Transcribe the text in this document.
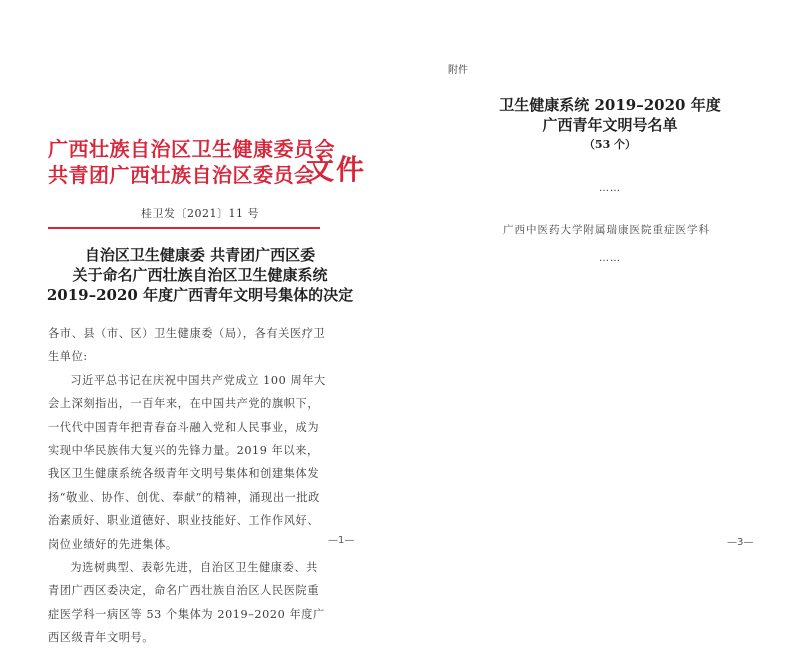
广西壮族自治区卫生健康委员会
共青团广西壮族自治区委员会
文件
桂卫发〔2021〕11 号
自治区卫生健康委 共青团广西区委
关于命名广西壮族自治区卫生健康系统
2019–2020 年度广西青年文明号集体的决定

各市、县（市、区）卫生健康委（局），各有关医疗卫生单位:

习近平总书记在庆祝中国共产党成立 100 周年大会上深刻指出，一百年来，在中国共产党的旗帜下，一代代中国青年把青春奋斗融入党和人民事业，成为实现中华民族伟大复兴的先锋力量。2019 年以来，我区卫生健康系统各级青年文明号集体和创建集体发扬“敬业、协作、创优、奉献”的精神，涌现出一批政治素质好、职业道德好、职业技能好、工作作风好、岗位业绩好的先进集体。

为选树典型、表彰先进，自治区卫生健康委、共青团广西区委决定，命名广西壮族自治区人民医院重症医学科一病区等 53 个集体为 2019–2020 年度广西区级青年文明号。

—1—
附件
卫生健康系统 2019–2020 年度
广西青年文明号名单
（53 个）
……
广西中医药大学附属瑞康医院重症医学科
……
—3—
